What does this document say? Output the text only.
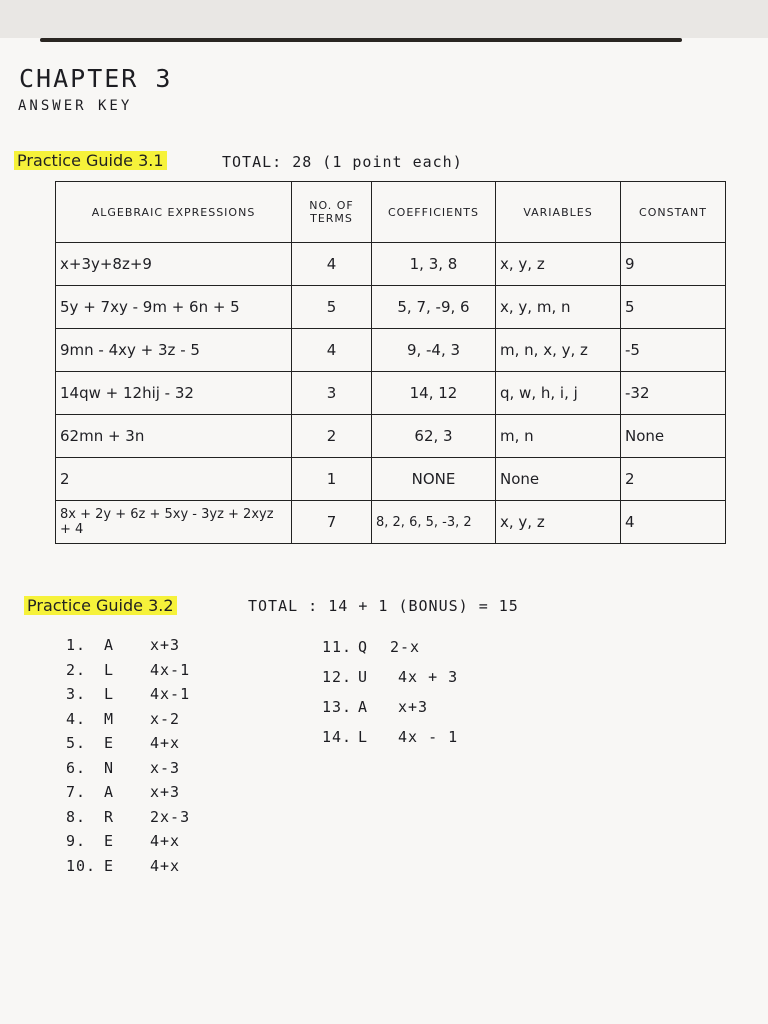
CHAPTER 3
ANSWER KEY
Practice Guide 3.1	TOTAL: 28 (1 point each)
ALGEBRAIC EXPRESSIONS	NO. OF TERMS	COEFFICIENTS	VARIABLES	CONSTANT
x+3y+8z+9	4	1, 3, 8	x, y, z	9
5y + 7xy - 9m + 6n + 5	5	5, 7, -9, 6	x, y, m, n	5
9mn - 4xy + 3z - 5	4	9, -4, 3	m, n, x, y, z	-5
14qw + 12hij - 32	3	14, 12	q, w, h, i, j	-32
62mn + 3n	2	62, 3	m, n	None
2	1	NONE	None	2
8x + 2y + 6z + 5xy - 3yz + 2xyz + 4	7	8, 2, 6, 5, -3, 2	x, y, z	4
Practice Guide 3.2	TOTAL : 14 + 1 (BONUS) = 15
1. A x+3
2. L 4x-1
3. L 4x-1
4. M x-2
5. E 4+x
6. N x-3
7. A x+3
8. R 2x-3
9. E 4+x
10. E 4+x
11. Q 2-x
12. U 4x + 3
13. A x+3
14. L 4x - 1
